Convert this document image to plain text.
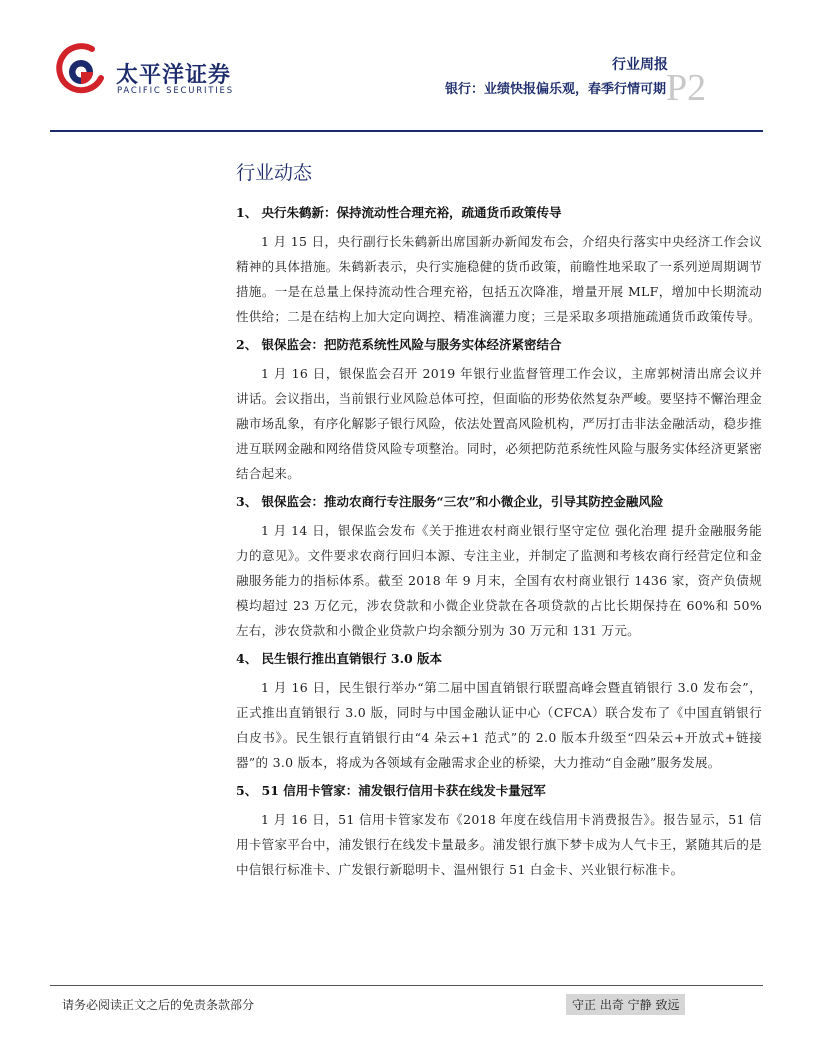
太平洋证券
PACIFIC SECURITIES
行业周报
银行：业绩快报偏乐观，春季行情可期 P2
行业动态
1、 央行朱鹤新：保持流动性合理充裕，疏通货币政策传导

1 月 15 日，央行副行长朱鹤新出席国新办新闻发布会，介绍央行落实中央经济工作会议精神的具体措施。朱鹤新表示，央行实施稳健的货币政策，前瞻性地采取了一系列逆周期调节措施。一是在总量上保持流动性合理充裕，包括五次降准，增量开展 MLF，增加中长期流动性供给；二是在结构上加大定向调控、精准滴灌力度；三是采取多项措施疏通货币政策传导。

2、 银保监会：把防范系统性风险与服务实体经济紧密结合

1 月 16 日，银保监会召开 2019 年银行业监督管理工作会议，主席郭树清出席会议并讲话。会议指出，当前银行业风险总体可控，但面临的形势依然复杂严峻。要坚持不懈治理金融市场乱象，有序化解影子银行风险，依法处置高风险机构，严厉打击非法金融活动，稳步推进互联网金融和网络借贷风险专项整治。同时，必须把防范系统性风险与服务实体经济更紧密结合起来。

3、 银保监会：推动农商行专注服务“三农”和小微企业，引导其防控金融风险

1 月 14 日，银保监会发布《关于推进农村商业银行坚守定位 强化治理 提升金融服务能力的意见》。文件要求农商行回归本源、专注主业，并制定了监测和考核农商行经营定位和金融服务能力的指标体系。截至 2018 年 9 月末，全国有农村商业银行 1436 家，资产负债规模均超过 23 万亿元，涉农贷款和小微企业贷款在各项贷款的占比长期保持在 60%和 50%左右，涉农贷款和小微企业贷款户均余额分别为 30 万元和 131 万元。

4、 民生银行推出直销银行 3.0 版本

1 月 16 日，民生银行举办“第二届中国直销银行联盟高峰会暨直销银行 3.0 发布会”，正式推出直销银行 3.0 版，同时与中国金融认证中心（CFCA）联合发布了《中国直销银行白皮书》。民生银行直销银行由“4 朵云+1 范式”的 2.0 版本升级至“四朵云+开放式+链接器”的 3.0 版本，将成为各领域有金融需求企业的桥梁，大力推动“自金融”服务发展。

5、 51 信用卡管家：浦发银行信用卡获在线发卡量冠军

1 月 16 日，51 信用卡管家发布《2018 年度在线信用卡消费报告》。报告显示，51 信用卡管家平台中，浦发银行在线发卡量最多。浦发银行旗下梦卡成为人气卡王，紧随其后的是中信银行标准卡、广发银行新聪明卡、温州银行 51 白金卡、兴业银行标准卡。

请务必阅读正文之后的免责条款部分	守正 出奇 宁静 致远
